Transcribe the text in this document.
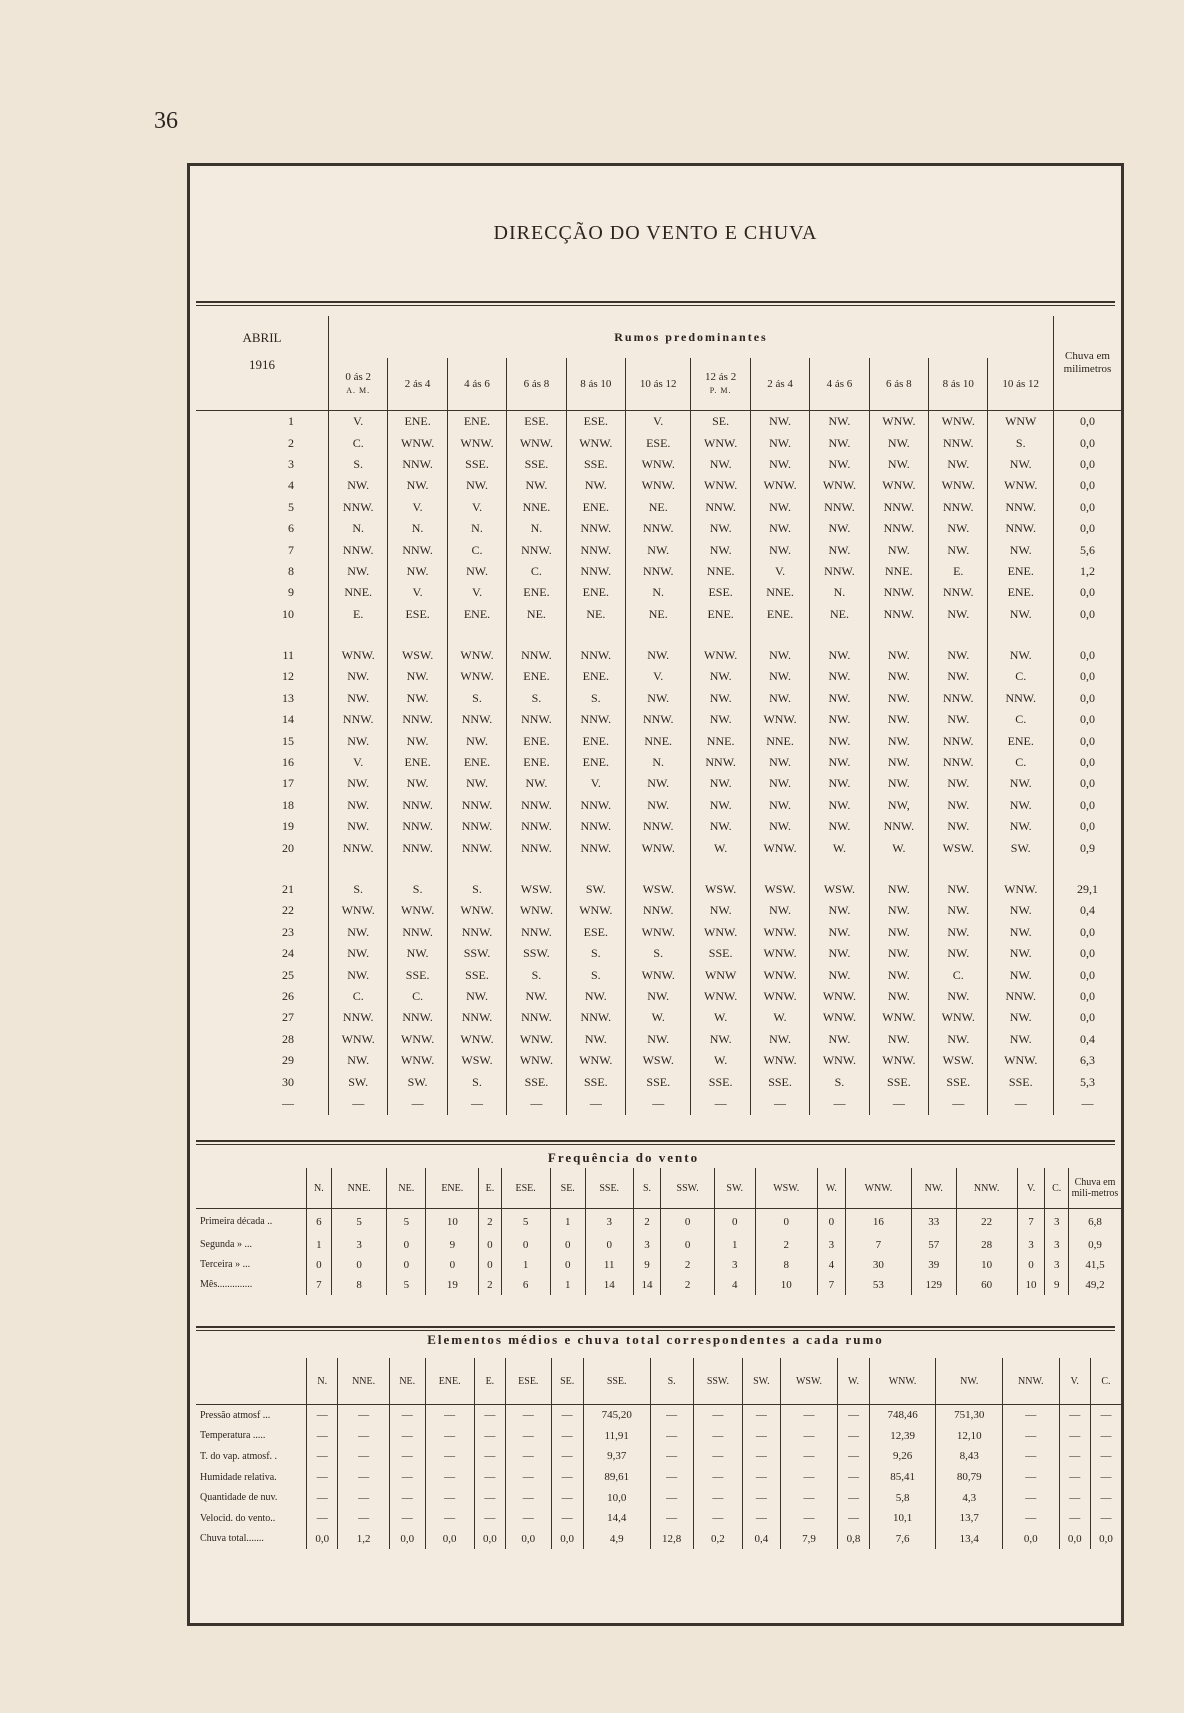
36
DIRECÇÃO DO VENTO E CHUVA
ABRIL	Rumos predominantes												Chuva em milimetros
1916	0 ás 2
A. M.	2 ás 4	4 ás 6	6 ás 8	8 ás 10	10 ás 12	12 ás 2
P. M.	2 ás 4	4 ás 6	6 ás 8	8 ás 10	10 ás 12	
1	V.	ENE.	ENE.	ESE.	ESE.	V.	SE.	NW.	NW.	WNW.	WNW.	WNW	0,0
2	C.	WNW.	WNW.	WNW.	WNW.	ESE.	WNW.	NW.	NW.	NW.	NNW.	S.	0,0
3	S.	NNW.	SSE.	SSE.	SSE.	WNW.	NW.	NW.	NW.	NW.	NW.	NW.	0,0
4	NW.	NW.	NW.	NW.	NW.	WNW.	WNW.	WNW.	WNW.	WNW.	WNW.	WNW.	0,0
5	NNW.	V.	V.	NNE.	ENE.	NE.	NNW.	NW.	NNW.	NNW.	NNW.	NNW.	0,0
6	N.	N.	N.	N.	NNW.	NNW.	NW.	NW.	NW.	NNW.	NW.	NNW.	0,0
7	NNW.	NNW.	C.	NNW.	NNW.	NW.	NW.	NW.	NW.	NW.	NW.	NW.	5,6
8	NW.	NW.	NW.	C.	NNW.	NNW.	NNE.	V.	NNW.	NNE.	E.	ENE.	1,2
9	NNE.	V.	V.	ENE.	ENE.	N.	ESE.	NNE.	N.	NNW.	NNW.	ENE.	0,0
10	E.	ESE.	ENE.	NE.	NE.	NE.	ENE.	ENE.	NE.	NNW.	NW.	NW.	0,0

11	WNW.	WSW.	WNW.	NNW.	NNW.	NW.	WNW.	NW.	NW.	NW.	NW.	NW.	0,0
12	NW.	NW.	WNW.	ENE.	ENE.	V.	NW.	NW.	NW.	NW.	NW.	C.	0,0
13	NW.	NW.	S.	S.	S.	NW.	NW.	NW.	NW.	NW.	NNW.	NNW.	0,0
14	NNW.	NNW.	NNW.	NNW.	NNW.	NNW.	NW.	WNW.	NW.	NW.	NW.	C.	0,0
15	NW.	NW.	NW.	ENE.	ENE.	NNE.	NNE.	NNE.	NW.	NW.	NNW.	ENE.	0,0
16	V.	ENE.	ENE.	ENE.	ENE.	N.	NNW.	NW.	NW.	NW.	NNW.	C.	0,0
17	NW.	NW.	NW.	NW.	V.	NW.	NW.	NW.	NW.	NW.	NW.	NW.	0,0
18	NW.	NNW.	NNW.	NNW.	NNW.	NW.	NW.	NW.	NW.	NW,	NW.	NW.	0,0
19	NW.	NNW.	NNW.	NNW.	NNW.	NNW.	NW.	NW.	NW.	NNW.	NW.	NW.	0,0
20	NNW.	NNW.	NNW.	NNW.	NNW.	WNW.	W.	WNW.	W.	W.	WSW.	SW.	0,9

21	S.	S.	S.	WSW.	SW.	WSW.	WSW.	WSW.	WSW.	NW.	NW.	WNW.	29,1
22	WNW.	WNW.	WNW.	WNW.	WNW.	NNW.	NW.	NW.	NW.	NW.	NW.	NW.	0,4
23	NW.	NNW.	NNW.	NNW.	ESE.	WNW.	WNW.	WNW.	NW.	NW.	NW.	NW.	0,0
24	NW.	NW.	SSW.	SSW.	S.	S.	SSE.	WNW.	NW.	NW.	NW.	NW.	0,0
25	NW.	SSE.	SSE.	S.	S.	WNW.	WNW	WNW.	NW.	NW.	C.	NW.	0,0
26	C.	C.	NW.	NW.	NW.	NW.	WNW.	WNW.	WNW.	NW.	NW.	NNW.	0,0
27	NNW.	NNW.	NNW.	NNW.	NNW.	W.	W.	W.	WNW.	WNW.	WNW.	NW.	0,0
28	WNW.	WNW.	WNW.	WNW.	NW.	NW.	NW.	NW.	NW.	NW.	NW.	NW.	0,4
29	NW.	WNW.	WSW.	WNW.	WNW.	WSW.	W.	WNW.	WNW.	WNW.	WSW.	WNW.	6,3
30	SW.	SW.	S.	SSE.	SSE.	SSE.	SSE.	SSE.	S.	SSE.	SSE.	SSE.	5,3
—	—	—	—	—	—	—	—	—	—	—	—	—	—
Frequência do vento
	N.	NNE.	NE.	ENE.	E.	ESE.	SE.	SSE.	S.	SSW.	SW.	WSW.	W.	WNW.	NW.	NNW.	V.	C.	Chuva em mili-metros
Primeira década ..	6	5	5	10	2	5	1	3	2	0	0	0	0	16	33	22	7	3	6,8
Segunda » ...	1	3	0	9	0	0	0	0	3	0	1	2	3	7	57	28	3	3	0,9
Terceira » ...	0	0	0	0	0	1	0	11	9	2	3	8	4	30	39	10	0	3	41,5
Mês..............	7	8	5	19	2	6	1	14	14	2	4	10	7	53	129	60	10	9	49,2
Elementos médios e chuva total correspondentes a cada rumo
	N.	NNE.	NE.	ENE.	E.	ESE.	SE.	SSE.	S.	SSW.	SW.	WSW.	W.	WNW.	NW.	NNW.	V.	C.
Pressão atmosf ...	—	—	—	—	—	—	—	745,20	—	—	—	—	—	748,46	751,30	—	—	—
Temperatura .....	—	—	—	—	—	—	—	11,91	—	—	—	—	—	12,39	12,10	—	—	—
T. do vap. atmosf. .	—	—	—	—	—	—	—	9,37	—	—	—	—	—	9,26	8,43	—	—	—
Humidade relativa.	—	—	—	—	—	—	—	89,61	—	—	—	—	—	85,41	80,79	—	—	—
Quantidade de nuv.	—	—	—	—	—	—	—	10,0	—	—	—	—	—	5,8	4,3	—	—	—
Velocid. do vento..	—	—	—	—	—	—	—	14,4	—	—	—	—	—	10,1	13,7	—	—	—
Chuva total.......	0,0	1,2	0,0	0,0	0,0	0,0	0,0	4,9	12,8	0,2	0,4	7,9	0,8	7,6	13,4	0,0	0,0	0,0
